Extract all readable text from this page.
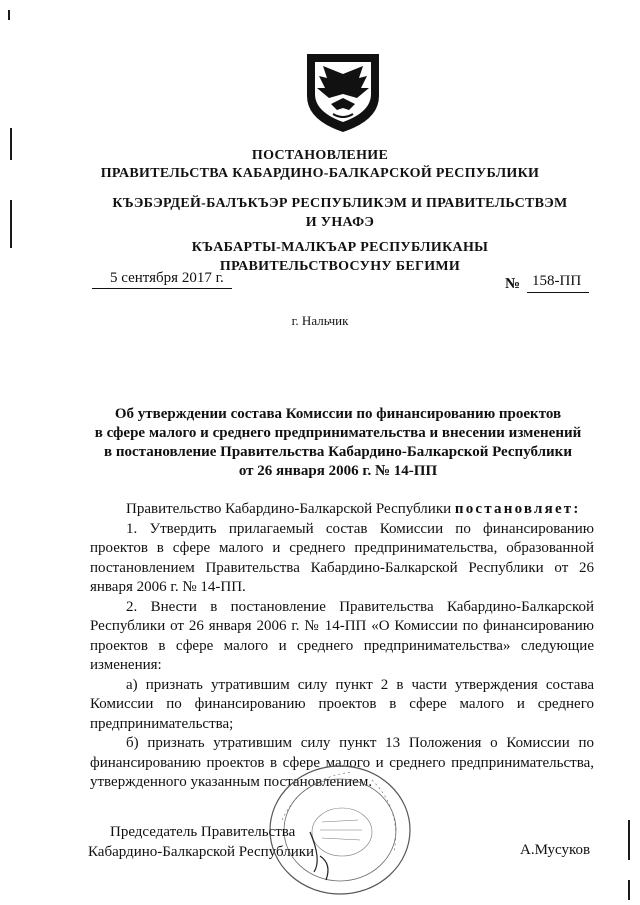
ПОСТАНОВЛЕНИЕ
ПРАВИТЕЛЬСТВА КАБАРДИНО-БАЛКАРСКОЙ РЕСПУБЛИКИ
КЪЭБЭРДЕЙ-БАЛЪКЪЭР РЕСПУБЛИКЭМ И ПРАВИТЕЛЬСТВЭМ И УНАФЭ
КЪАБАРТЫ-МАЛКЪАР РЕСПУБЛИКАНЫ ПРАВИТЕЛЬСТВОСУНУ БЕГИМИ
5 сентября 2017 г.	№ 158-ПП
г. Нальчик
Об утверждении состава Комиссии по финансированию проектов
в сфере малого и среднего предпринимательства и внесении изменений
в постановление Правительства Кабардино-Балкарской Республики
от 26 января 2006 г. № 14-ПП

Правительство Кабардино-Балкарской Республики постановляет:

1. Утвердить прилагаемый состав Комиссии по финансированию проектов в сфере малого и среднего предпринимательства, образованной постановлением Правительства Кабардино-Балкарской Республики от 26 января 2006 г. № 14-ПП.

2. Внести в постановление Правительства Кабардино-Балкарской Республики от 26 января 2006 г. № 14-ПП «О Комиссии по финансированию проектов в сфере малого и среднего предпринимательства» следующие изменения:

а) признать утратившим силу пункт 2 в части утверждения состава Комиссии по финансированию проектов в сфере малого и среднего предпринимательства;

б) признать утратившим силу пункт 13 Положения о Комиссии по финансированию проектов в сфере малого и среднего предпринимательства, утвержденного указанным постановлением.

Председатель Правительства
Кабардино-Балкарской Республики	А.Мусуков
